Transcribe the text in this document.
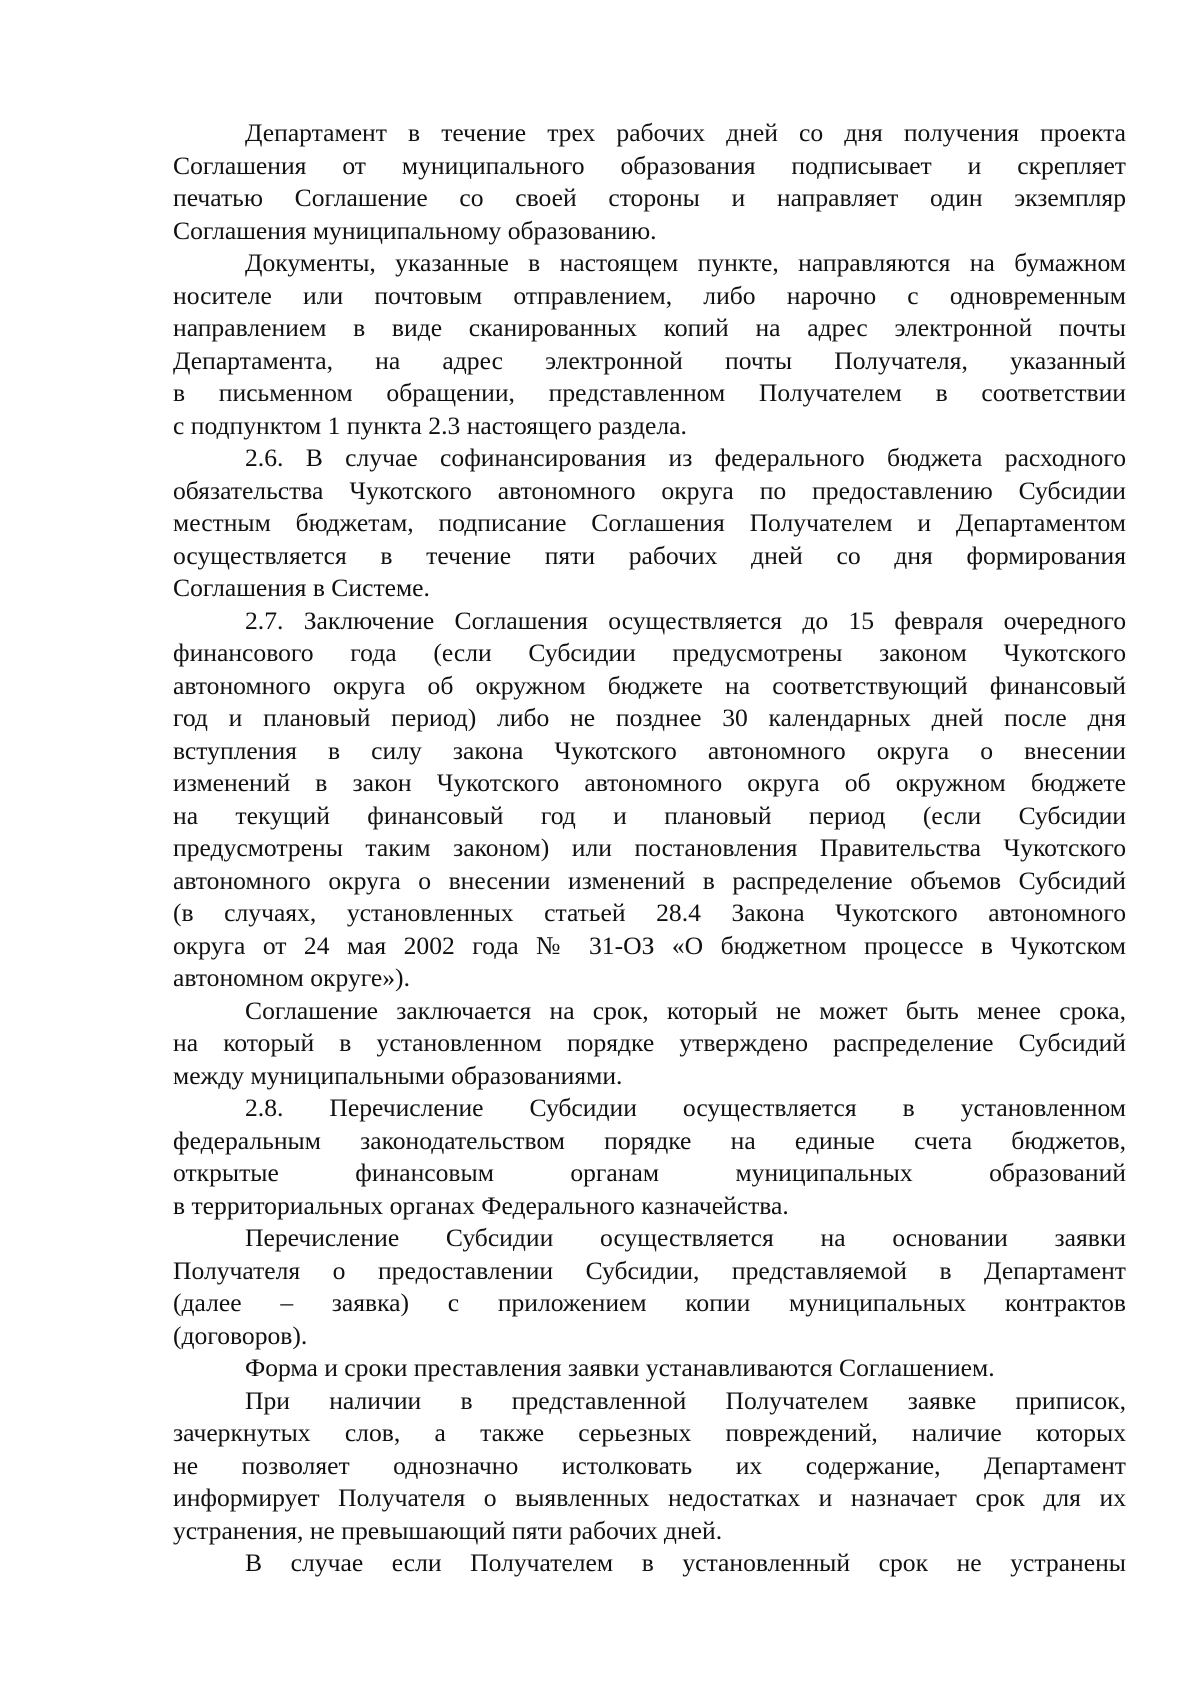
Департамент в течение трех рабочих дней со дня получения проекта
Соглашения от муниципального образования подписывает и скрепляет
печатью Соглашение со своей стороны и направляет один экземпляр
Соглашения муниципальному образованию.
Документы, указанные в настоящем пункте, направляются на бумажном
носителе или почтовым отправлением, либо нарочно с одновременным
направлением в виде сканированных копий на адрес электронной почты
Департамента, на адрес электронной почты Получателя, указанный
в письменном обращении, представленном Получателем в соответствии
с подпунктом 1 пункта 2.3 настоящего раздела.
2.6. В случае софинансирования из федерального бюджета расходного
обязательства Чукотского автономного округа по предоставлению Субсидии
местным бюджетам, подписание Соглашения Получателем и Департаментом
осуществляется в течение пяти рабочих дней со дня формирования
Соглашения в Системе.
2.7. Заключение Соглашения осуществляется до 15 февраля очередного
финансового года (если Субсидии предусмотрены законом Чукотского
автономного округа об окружном бюджете на соответствующий финансовый
год и плановый период) либо не позднее 30 календарных дней после дня
вступления в силу закона Чукотского автономного округа о внесении
изменений в закон Чукотского автономного округа об окружном бюджете
на текущий финансовый год и плановый период (если Субсидии
предусмотрены таким законом) или постановления Правительства Чукотского
автономного округа о внесении изменений в распределение объемов Субсидий
(в случаях, установленных статьей 28.4 Закона Чукотского автономного
округа от 24 мая 2002 года № 31-ОЗ «О бюджетном процессе в Чукотском
автономном округе»).
Соглашение заключается на срок, который не может быть менее срока,
на который в установленном порядке утверждено распределение Субсидий
между муниципальными образованиями.
2.8. Перечисление Субсидии осуществляется в установленном
федеральным законодательством порядке на единые счета бюджетов,
открытые финансовым органам муниципальных образований
в территориальных органах Федерального казначейства.
Перечисление Субсидии осуществляется на основании заявки
Получателя о предоставлении Субсидии, представляемой в Департамент
(далее – заявка) с приложением копии муниципальных контрактов
(договоров).
Форма и сроки преставления заявки устанавливаются Соглашением.
При наличии в представленной Получателем заявке приписок,
зачеркнутых слов, а также серьезных повреждений, наличие которых
не позволяет однозначно истолковать их содержание, Департамент
информирует Получателя о выявленных недостатках и назначает срок для их
устранения, не превышающий пяти рабочих дней.
В случае если Получателем в установленный срок не устранены
